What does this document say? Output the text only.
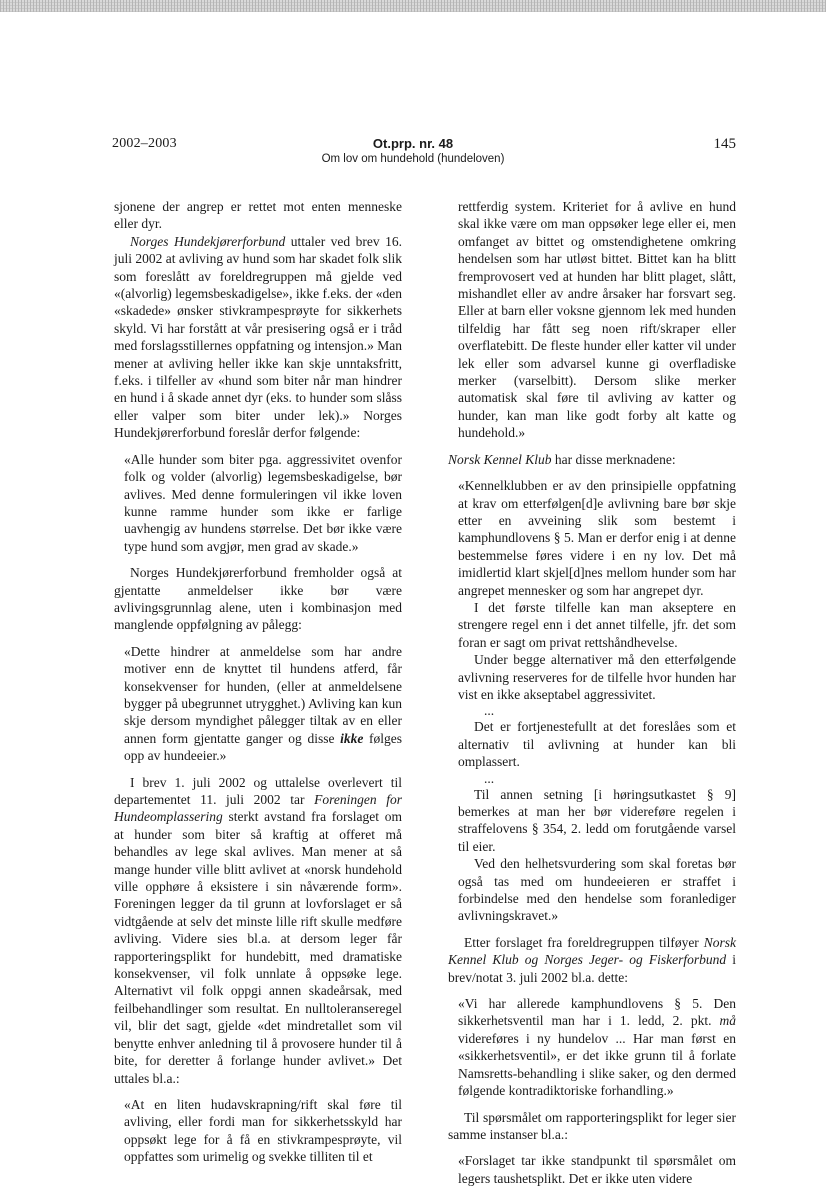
2002–2003	Ot.prp. nr. 48
Om lov om hundehold (hundeloven)
145

sjonene der angrep er rettet mot enten menneske eller dyr.

Norges Hundekjørerforbund uttaler ved brev 16. juli 2002 at avliving av hund som har skadet folk slik som foreslått av foreldregruppen må gjelde ved «(alvorlig) legemsbeskadigelse», ikke f.eks. der «den «skadede» ønsker stivkrampesprøyte for sikkerhets skyld. Vi har forstått at vår presisering også er i tråd med forslagsstillernes oppfatning og intensjon.» Man mener at avliving heller ikke kan skje unntaksfritt, f.eks. i tilfeller av «hund som biter når man hindrer en hund i å skade annet dyr (eks. to hunder som slåss eller valper som biter under lek).» Norges Hundekjørerforbund foreslår derfor følgende:

«Alle hunder som biter pga. aggressivitet ovenfor folk og volder (alvorlig) legemsbeskadigelse, bør avlives. Med denne formuleringen vil ikke loven kunne ramme hunder som ikke er farlige uavhengig av hundens størrelse. Det bør ikke være type hund som avgjør, men grad av skade.»

Norges Hundekjørerforbund fremholder også at gjentatte anmeldelser ikke bør være avlivingsgrunnlag alene, uten i kombinasjon med manglende oppfølgning av pålegg:

«Dette hindrer at anmeldelse som har andre motiver enn de knyttet til hundens atferd, får konsekvenser for hunden, (eller at anmeldelsene bygger på ubegrunnet utrygghet.) Avliving kan kun skje dersom myndighet pålegger tiltak av en eller annen form gjentatte ganger og disse ikke følges opp av hundeeier.»

I brev 1. juli 2002 og uttalelse overlevert til departementet 11. juli 2002 tar Foreningen for Hundeomplassering sterkt avstand fra forslaget om at hunder som biter så kraftig at offeret må behandles av lege skal avlives. Man mener at så mange hunder ville blitt avlivet at «norsk hundehold ville opphøre å eksistere i sin nåværende form». Foreningen legger da til grunn at lovforslaget er så vidtgående at selv det minste lille rift skulle medføre avliving. Videre sies bl.a. at dersom leger får rapporteringsplikt for hundebitt, med dramatiske konsekvenser, vil folk unnlate å oppsøke lege. Alternativt vil folk oppgi annen skadeårsak, med feilbehandlinger som resultat. En nulltoleranseregel vil, blir det sagt, gjelde «det mindretallet som vil benytte enhver anledning til å provosere hunder til å bite, for deretter å forlange hunder avlivet.» Det uttales bl.a.:

«At en liten hudavskrapning/rift skal føre til avliving, eller fordi man for sikkerhetsskyld har oppsøkt lege for å få en stivkrampesprøyte, vil oppfattes som urimelig og svekke tilliten til et

rettferdig system. Kriteriet for å avlive en hund skal ikke være om man oppsøker lege eller ei, men omfanget av bittet og omstendighetene omkring hendelsen som har utløst bittet. Bittet kan ha blitt fremprovosert ved at hunden har blitt plaget, slått, mishandlet eller av andre årsaker har forsvart seg. Eller at barn eller voksne gjennom lek med hunden tilfeldig har fått seg noen rift/skraper eller overflatebitt. De fleste hunder eller katter vil under lek eller som advarsel kunne gi overfladiske merker (varselbitt). Dersom slike merker automatisk skal føre til avliving av katter og hunder, kan man like godt forby alt katte og hundehold.»

Norsk Kennel Klub har disse merknadene:

«Kennelklubben er av den prinsipielle oppfatning at krav om etterfølgen[d]e avlivning bare bør skje etter en avveining slik som bestemt i kamphundlovens § 5. Man er derfor enig i at denne bestemmelse føres videre i en ny lov. Det må imidlertid klart skjel[d]nes mellom hunder som har angrepet mennesker og som har angrepet dyr.

I det første tilfelle kan man akseptere en strengere regel enn i det annet tilfelle, jfr. det som foran er sagt om privat rettshåndhevelse.

Under begge alternativer må den etterfølgende avlivning reserveres for de tilfelle hvor hunden har vist en ikke akseptabel aggressivitet.

...

Det er fortjenestefullt at det foreslåes som et alternativ til avlivning at hunder kan bli omplassert.

...

Til annen setning [i høringsutkastet § 9] bemerkes at man her bør videreføre regelen i straffelovens § 354, 2. ledd om forutgående varsel til eier.

Ved den helhetsvurdering som skal foretas bør også tas med om hundeeieren er straffet i forbindelse med den hendelse som foranlediger avlivningskravet.»

Etter forslaget fra foreldregruppen tilføyer Norsk Kennel Klub og Norges Jeger- og Fiskerforbund i brev/notat 3. juli 2002 bl.a. dette:

«Vi har allerede kamphundlovens § 5. Den sikkerhetsventil man har i 1. ledd, 2. pkt. må videreføres i ny hundelov ... Har man først en «sikkerhetsventil», er det ikke grunn til å forlate Namsretts-behandling i slike saker, og den dermed følgende kontradiktoriske forhandling.»

Til spørsmålet om rapporteringsplikt for leger sier samme instanser bl.a.:

«Forslaget tar ikke standpunkt til spørsmålet om legers taushetsplikt. Det er ikke uten videre
